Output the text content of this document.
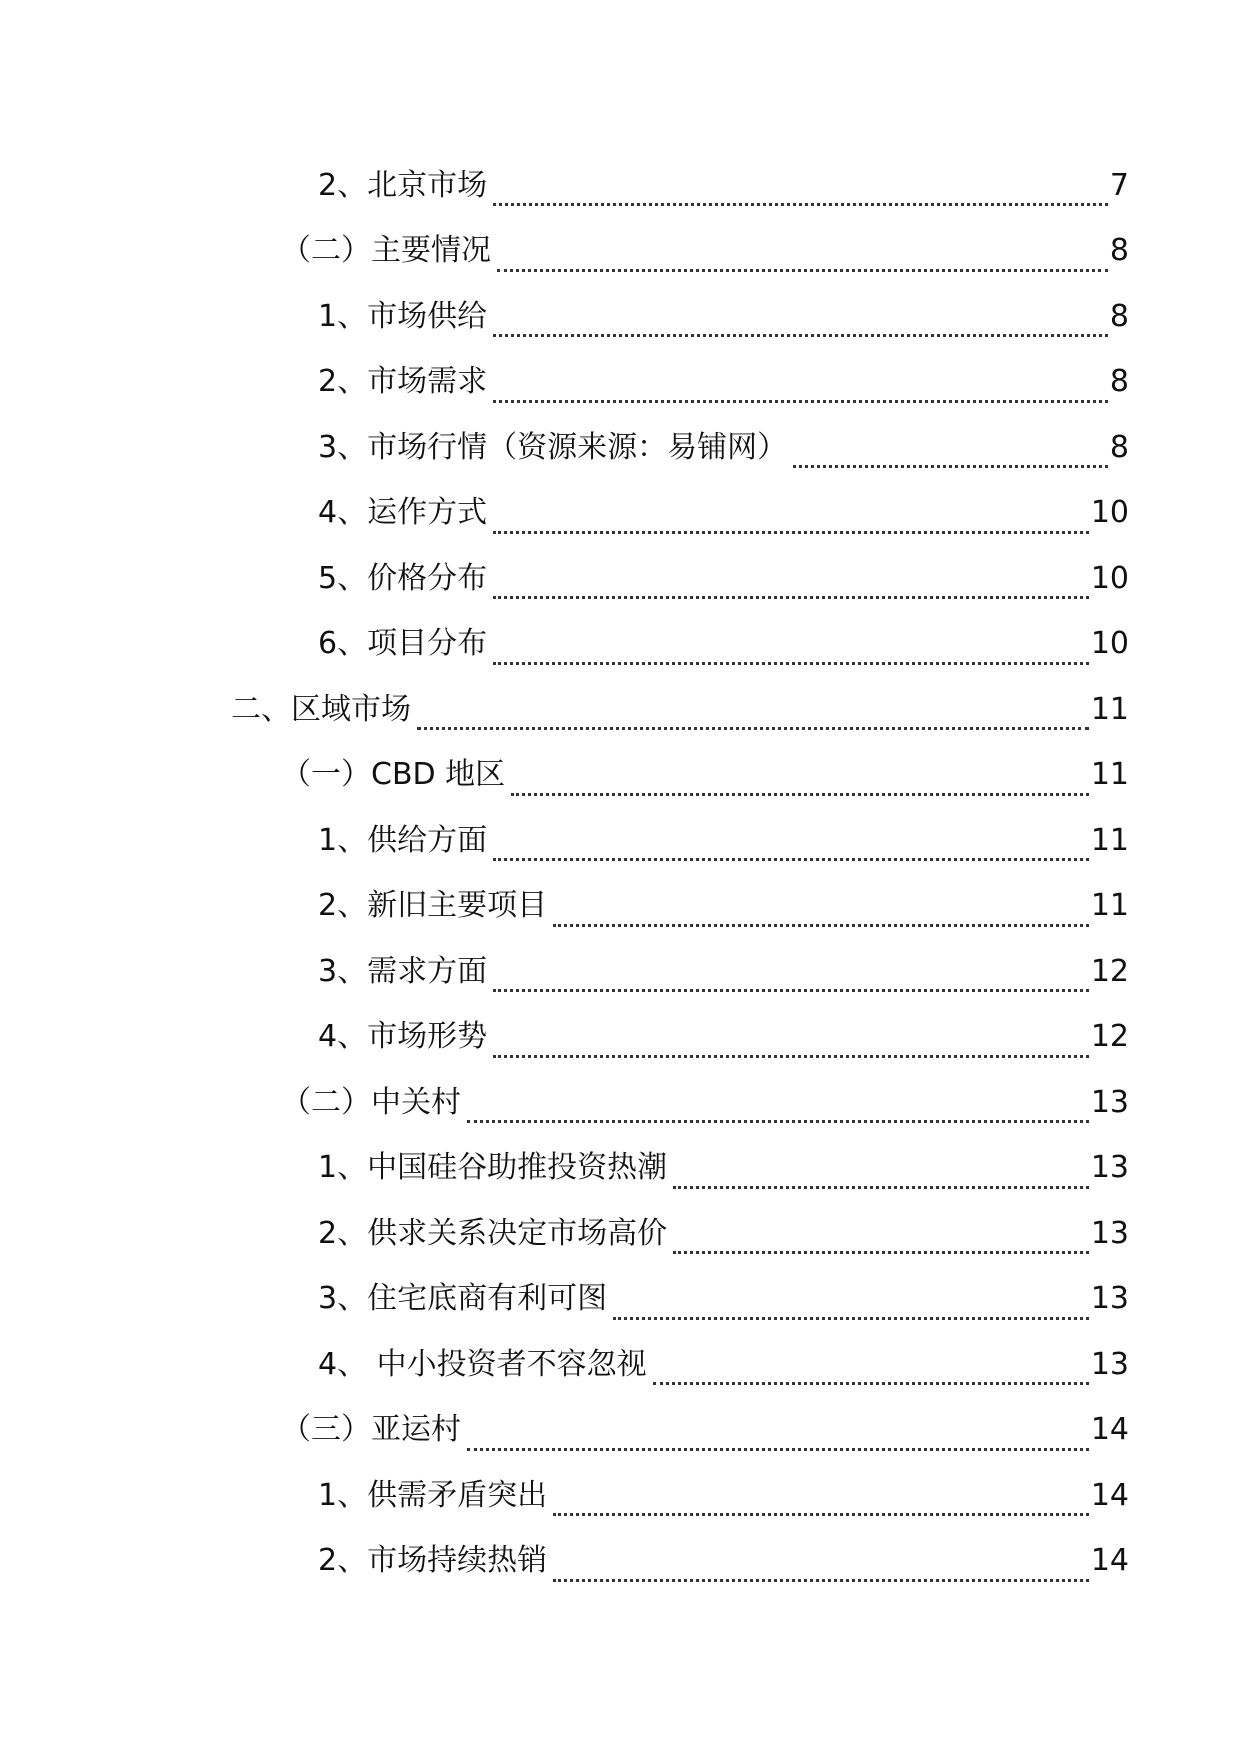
2、北京市场	7
（二）主要情况	8
1、市场供给	8
2、市场需求	8
3、市场行情（资源来源：易铺网）	8
4、运作方式	10
5、价格分布	10
6、项目分布	10
二、区域市场	11
（一）CBD 地区	11
1、供给方面	11
2、新旧主要项目	11
3、需求方面	12
4、市场形势	12
（二）中关村	13
1、中国硅谷助推投资热潮	13
2、供求关系决定市场高价	13
3、住宅底商有利可图	13
4、 中小投资者不容忽视	13
（三）亚运村	14
1、供需矛盾突出	14
2、市场持续热销	14
